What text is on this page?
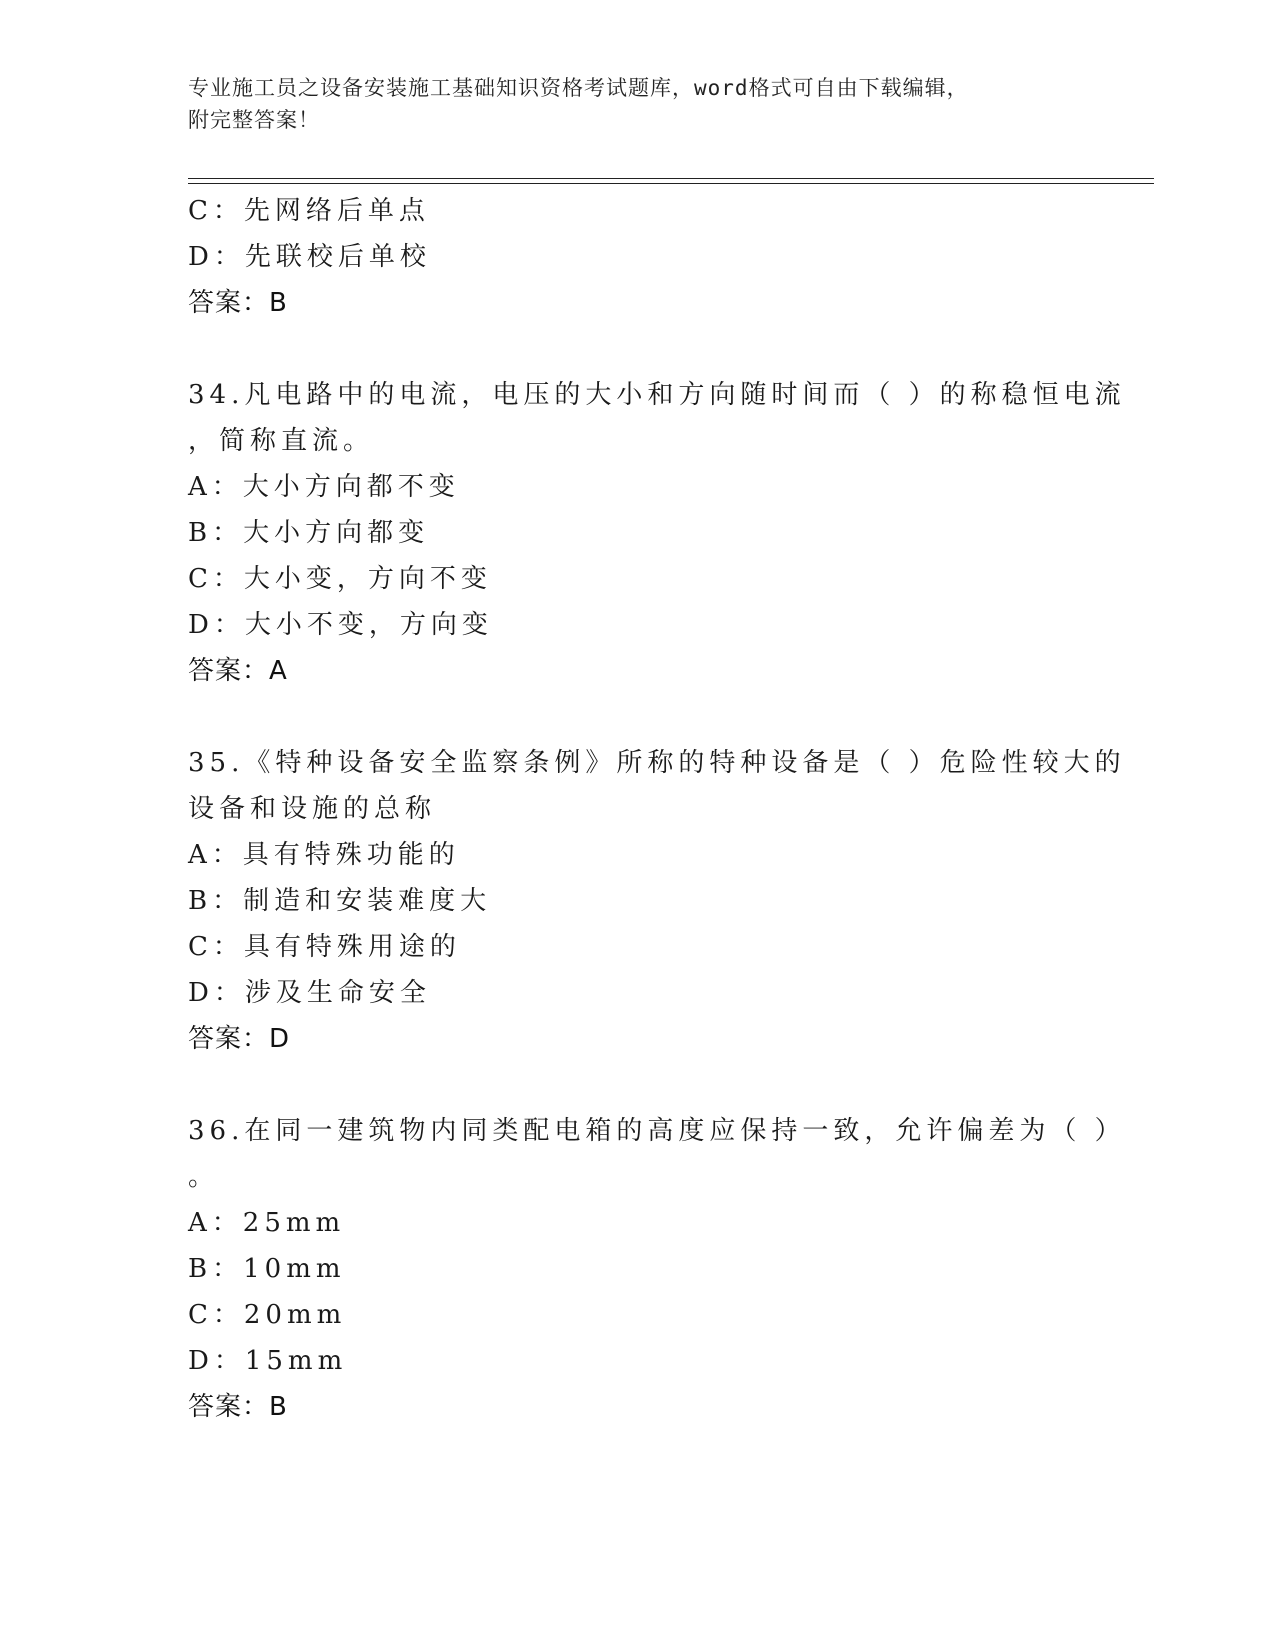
专业施工员之设备安装施工基础知识资格考试题库，word格式可自由下载编辑，
附完整答案！
C：先网络后单点
D：先联校后单校
答案：B
34.凡电路中的电流，电压的大小和方向随时间而（ ）的称稳恒电流
，简称直流。
A：大小方向都不变
B：大小方向都变
C：大小变，方向不变
D：大小不变，方向变
答案：A
35.《特种设备安全监察条例》所称的特种设备是（ ）危险性较大的
设备和设施的总称
A：具有特殊功能的
B：制造和安装难度大
C：具有特殊用途的
D：涉及生命安全
答案：D
36.在同一建筑物内同类配电箱的高度应保持一致，允许偏差为（ ）
。
A：25mm
B：10mm
C：20mm
D：15mm
答案：B
